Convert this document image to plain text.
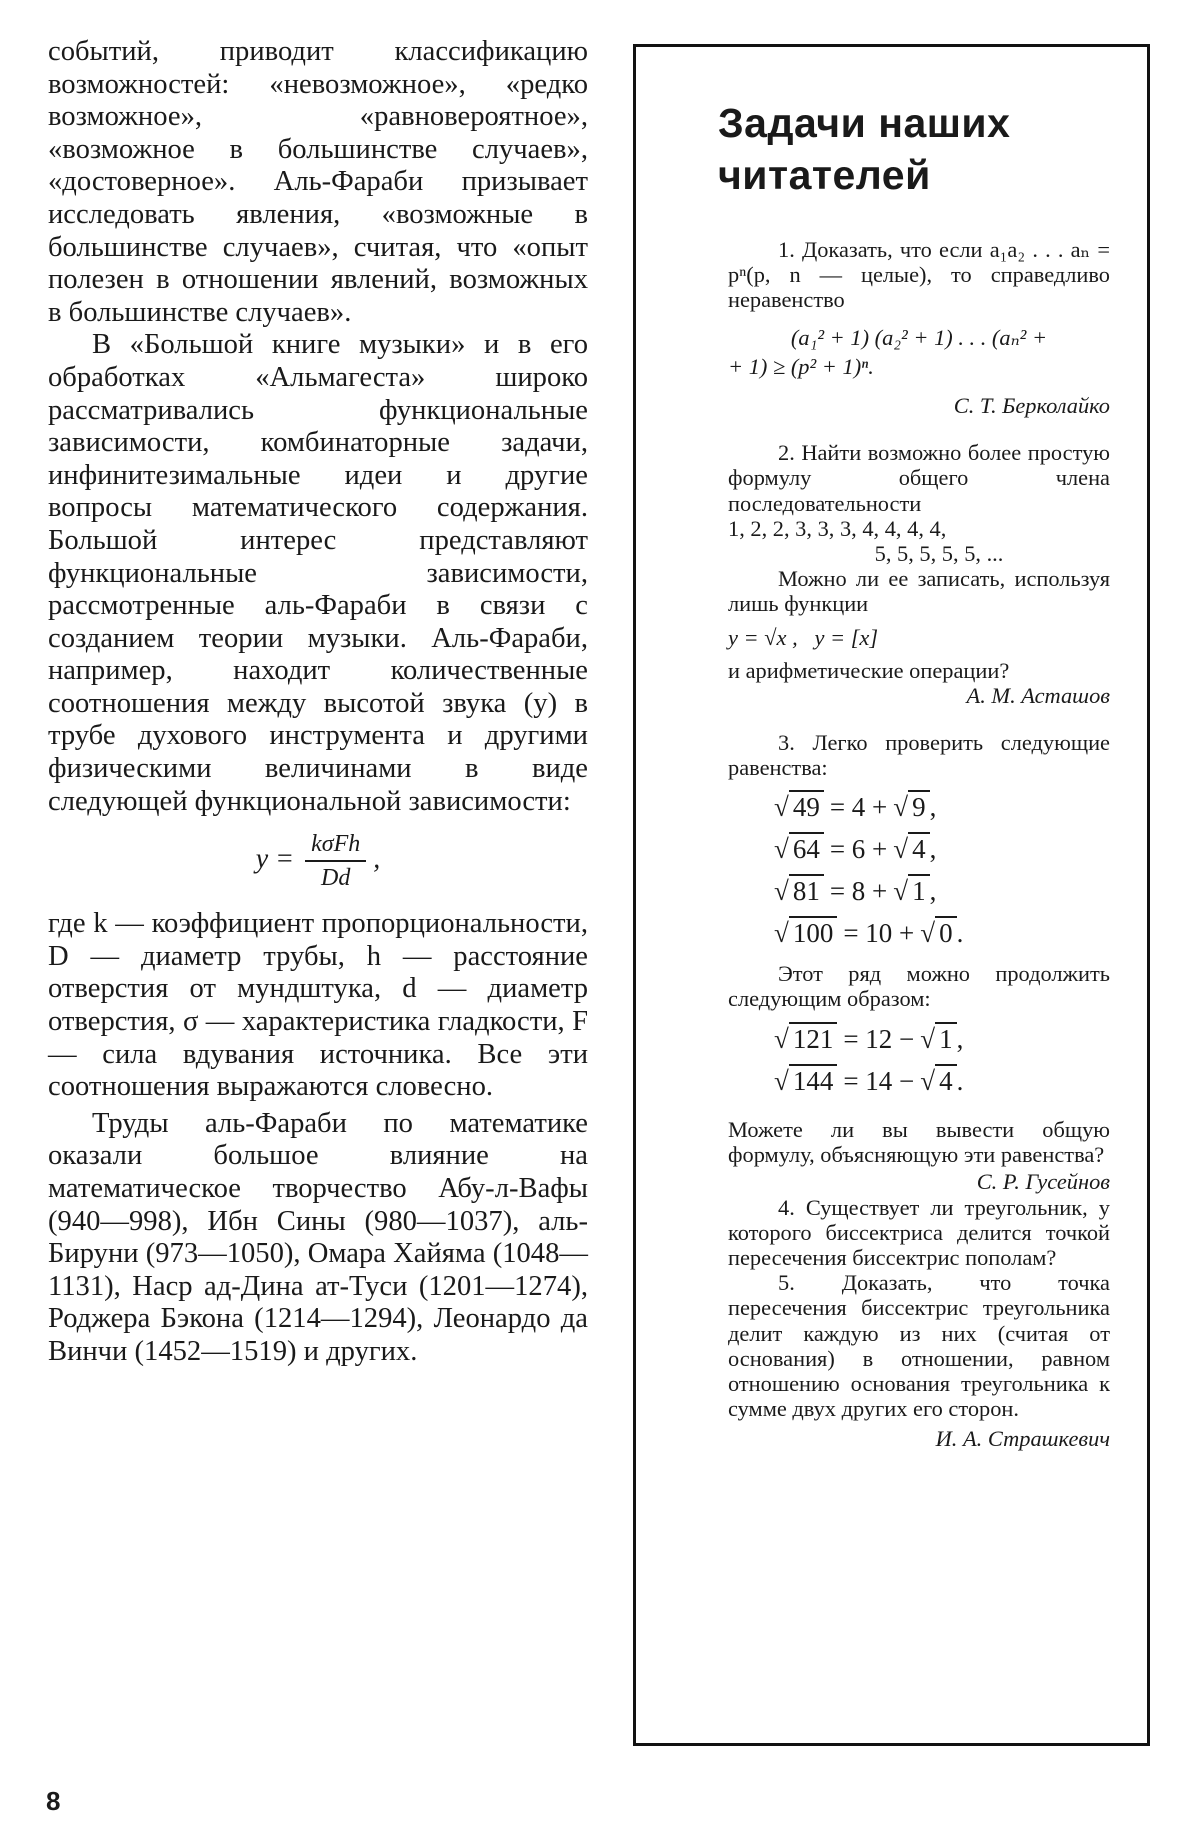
событий, приводит классификацию возможностей: «невозможное», «редко возможное», «равновероятное», «возможное в большинстве случаев», «достоверное». Аль-Фараби призывает исследовать явления, «возможные в большинстве случаев», считая, что «опыт полезен в отношении явлений, возможных в большинстве случаев».

В «Большой книге музыки» и в его обработках «Альмагеста» широко рассматривались функциональные зависимости, комбинаторные задачи, инфинитезимальные идеи и другие вопросы математического содержания. Большой интерес представляют функциональные зависимости, рассмотренные аль-Фараби в связи с созданием теории музыки. Аль-Фараби, например, находит количественные соотношения между высотой звука (y) в трубе духового инструмента и другими физическими величинами в виде следующей функциональной зависимости:

$y = \frac{\text{kσFh}}{Dd}$ ,

где k — коэффициент пропорциональности, D — диаметр трубы, h — расстояние отверстия от мундштука, d — диаметр отверстия, σ — характеристика гладкости, F — сила вдувания источника. Все эти соотношения выражаются словесно.

Труды аль-Фараби по математике оказали большое влияние на математическое творчество Абу-л-Вафы (940—998), Ибн Сины (980—1037), аль-Бируни (973—1050), Омара Хайяма (1048—1131), Наср ад-Дина ат-Туси (1201—1274), Роджера Бэкона (1214—1294), Леонардо да Винчи (1452—1519) и других.

Задачи наших читателей

1. Доказать, что если a₁a₂ . . . aₙ = pⁿ(p, n — целые), то справедливо неравенство

(a₁² + 1) (a₂² + 1) . . . (aₙ² +
+ 1) ≥ (p² + 1)ⁿ.
С. Т. Берколайко

2. Найти возможно более простую формулу общего члена последовательности

1, 2, 2, 3, 3, 3, 4, 4, 4, 4,
5, 5, 5, 5, 5, ...

Можно ли ее записать, используя лишь функции

y = √x , y = [x]
и арифметические операции?
А. М. Асташов

3. Легко проверить следующие равенства:

√ 49 = 4 + √ 9 ,
√ 64 = 6 + √ 4 ,
√ 81 = 8 + √ 1 ,
√ 100 = 10 + √ 0 .

Этот ряд можно продолжить следующим образом:

√ 121 = 12 − √ 1 ,
√ 144 = 14 − √ 4 .

Можете ли вы вывести общую формулу, объясняющую эти равенства?

С. Р. Гусейнов

4. Существует ли треугольник, у которого биссектриса делится точкой пересечения биссектрис пополам?

5. Доказать, что точка пересечения биссектрис треугольника делит каждую из них (считая от основания) в отношении, равном отношению основания треугольника к сумме двух других его сторон.

И. А. Страшкевич
8
